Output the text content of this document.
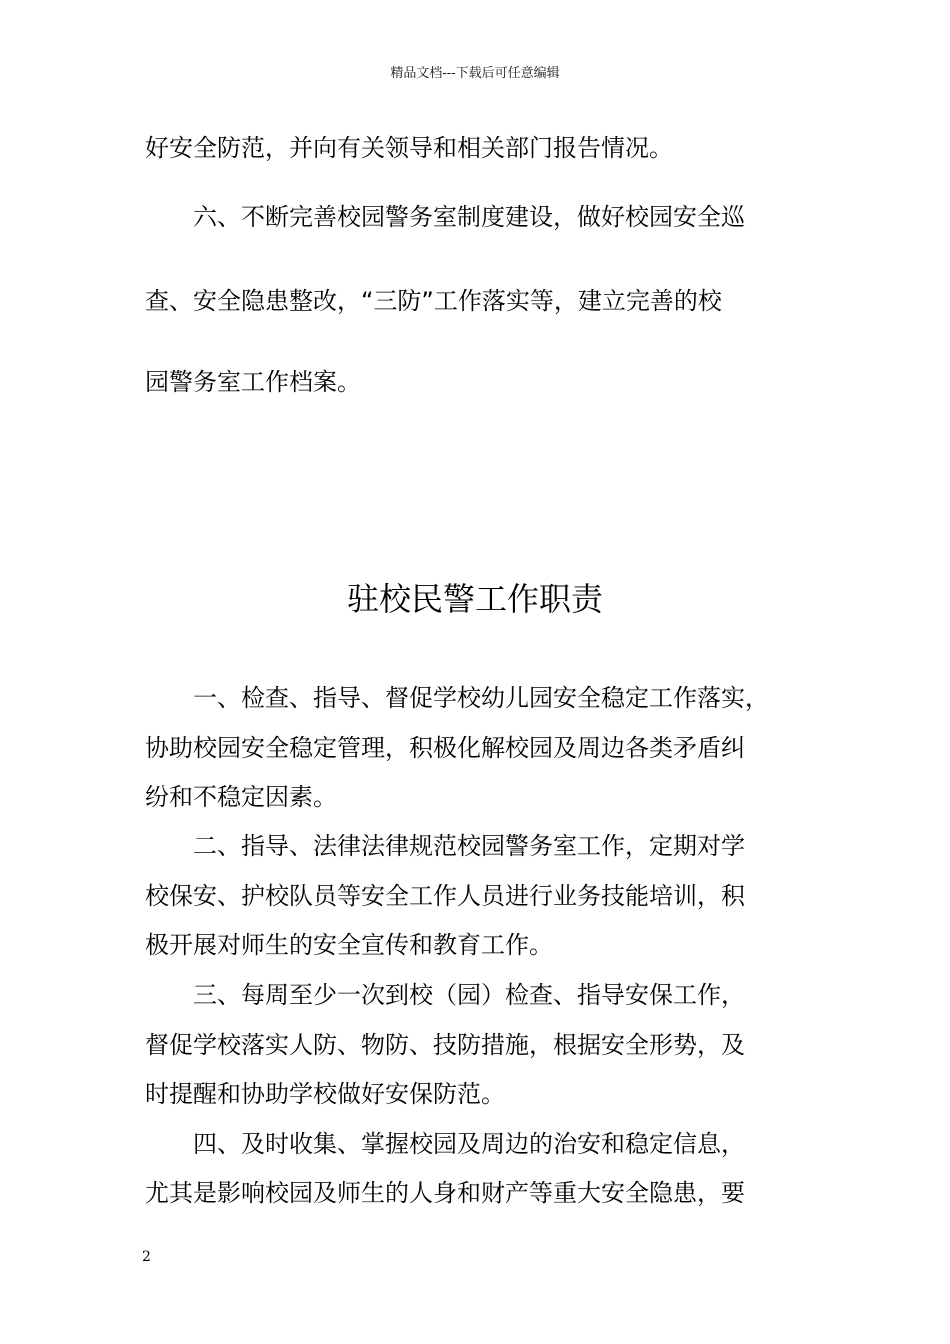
精品文档---下载后可任意编辑
好安全防范，并向有关领导和相关部门报告情况。
六、不断完善校园警务室制度建设，做好校园安全巡
查、安全隐患整改，“三防”工作落实等，建立完善的校
园警务室工作档案。
驻校民警工作职责
一、检查、指导、督促学校幼儿园安全稳定工作落实，
协助校园安全稳定管理，积极化解校园及周边各类矛盾纠
纷和不稳定因素。
二、指导、法律法律规范校园警务室工作，定期对学
校保安、护校队员等安全工作人员进行业务技能培训，积
极开展对师生的安全宣传和教育工作。
三、每周至少一次到校（园）检查、指导安保工作，
督促学校落实人防、物防、技防措施，根据安全形势，及
时提醒和协助学校做好安保防范。
四、及时收集、掌握校园及周边的治安和稳定信息，
尤其是影响校园及师生的人身和财产等重大安全隐患，要
2
